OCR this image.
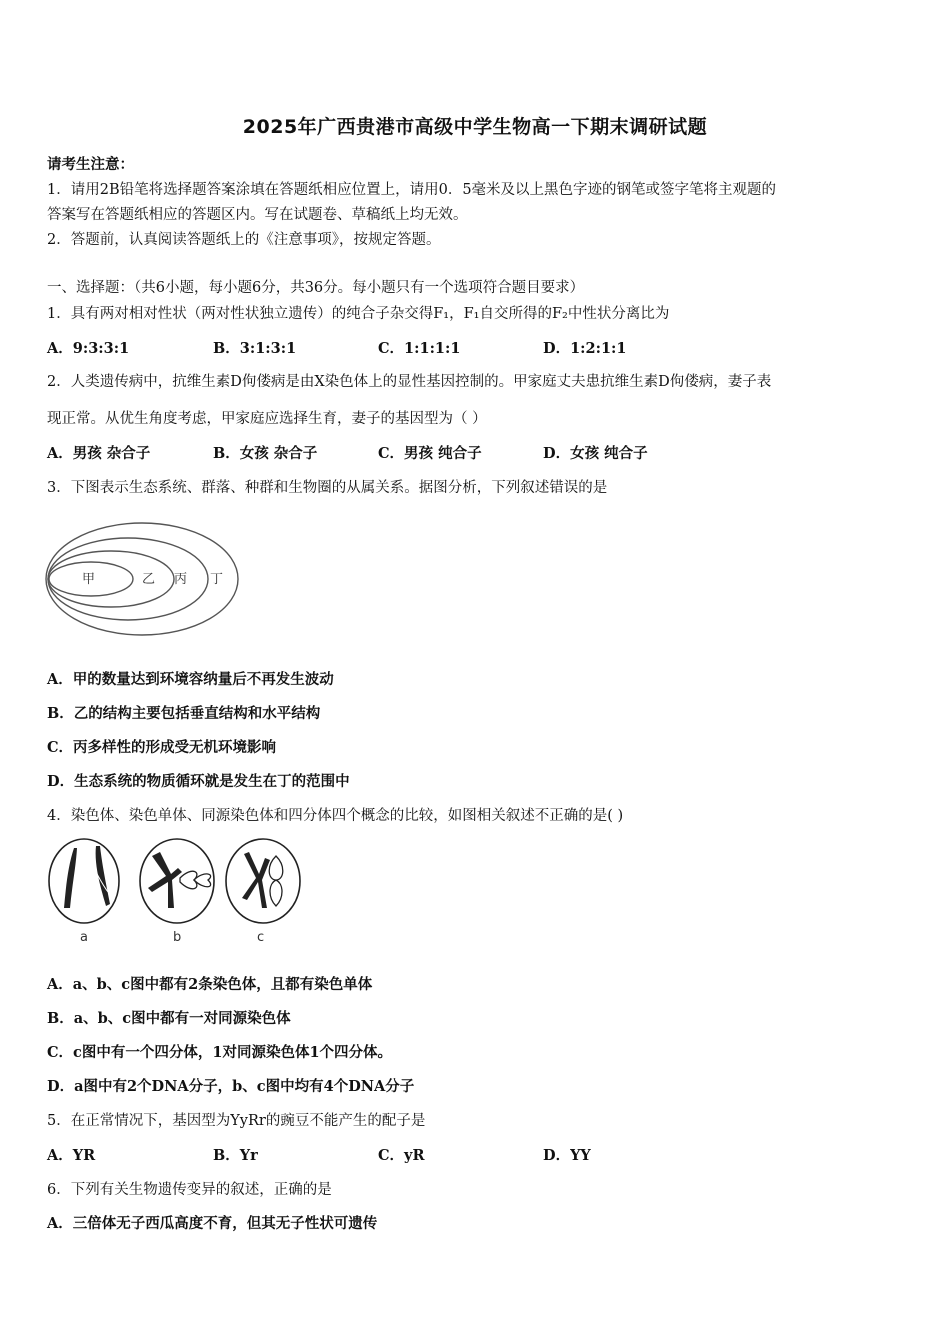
2025年广西贵港市高级中学生物高一下期末调研试题
请考生注意：
1．请用2B铅笔将选择题答案涂填在答题纸相应位置上，请用0．5毫米及以上黑色字迹的钢笔或签字笔将主观题的
答案写在答题纸相应的答题区内。写在试题卷、草稿纸上均无效。
2．答题前，认真阅读答题纸上的《注意事项》，按规定答题。
一、选择题：（共6小题，每小题6分，共36分。每小题只有一个选项符合题目要求）
1．具有两对相对性状（两对性状独立遗传）的纯合子杂交得F₁，F₁自交所得的F₂中性状分离比为
A．9:3:3:1	B．3:1:3:1	C．1:1:1:1	D．1:2:1:1
2．人类遗传病中，抗维生素D佝偻病是由X染色体上的显性基因控制的。甲家庭丈夫患抗维生素D佝偻病，妻子表
现正常。从优生角度考虑，甲家庭应选择生育，妻子的基因型为（ ）
A．男孩 杂合子	B．女孩 杂合子	C．男孩 纯合子	D．女孩 纯合子
3．下图表示生态系统、群落、种群和生物圈的从属关系。据图分析，下列叙述错误的是
甲	乙 丙 丁
A．甲的数量达到环境容纳量后不再发生波动
B．乙的结构主要包括垂直结构和水平结构
C．丙多样性的形成受无机环境影响
D．生态系统的物质循环就是发生在丁的范围中
4．染色体、染色单体、同源染色体和四分体四个概念的比较，如图相关叙述不正确的是( )
a	b	c
A．a、b、c图中都有2条染色体，且都有染色单体
B．a、b、c图中都有一对同源染色体
C．c图中有一个四分体，1对同源染色体1个四分体。
D．a图中有2个DNA分子，b、c图中均有4个DNA分子
5．在正常情况下，基因型为YyRr的豌豆不能产生的配子是
A．YR	B．Yr	C．yR	D．YY
6．下列有关生物遗传变异的叙述，正确的是
A．三倍体无子西瓜高度不育，但其无子性状可遗传
